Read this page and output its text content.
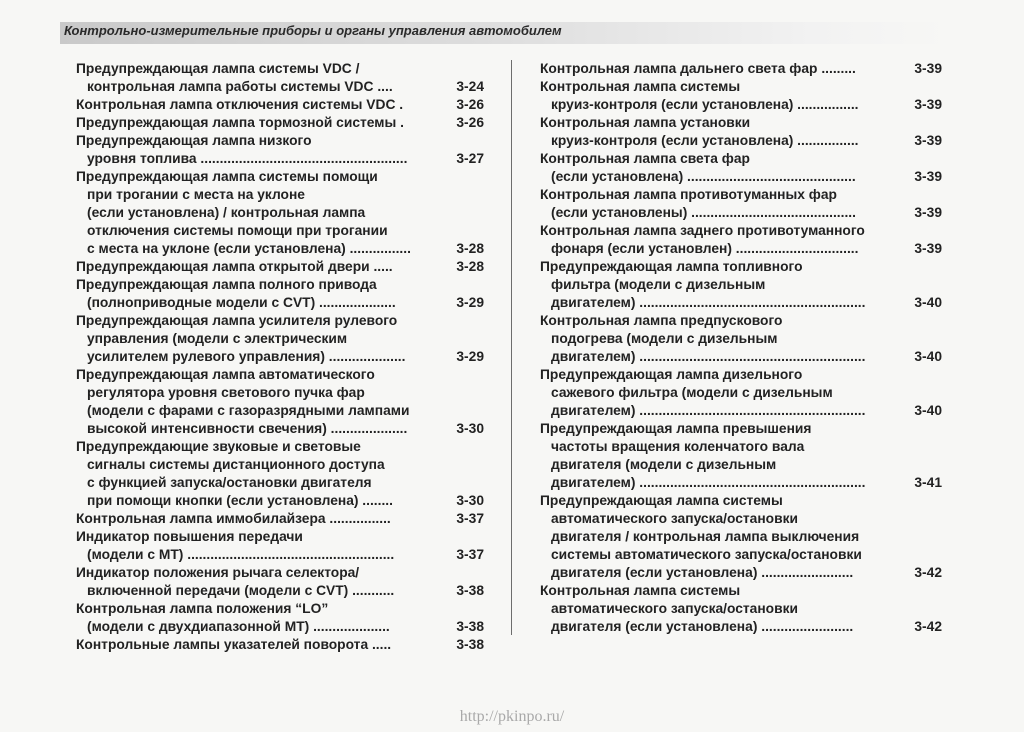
Контрольно-измерительные приборы и органы управления автомобилем
Предупреждающая лампа системы VDC /
контрольная лампа работы системы VDC ....	3-24
Контрольная лампа отключения системы VDC .	3-26
Предупреждающая лампа тормозной системы .	3-26
Предупреждающая лампа низкого
уровня топлива ......................................................	3-27
Предупреждающая лампа системы помощи
при трогании с места на уклоне
(если установлена) / контрольная лампа
отключения системы помощи при трогании
с места на уклоне (если установлена) ................	3-28
Предупреждающая лампа открытой двери .....	3-28
Предупреждающая лампа полного привода
(полноприводные модели с CVT) ....................	3-29
Предупреждающая лампа усилителя рулевого
управления (модели с электрическим
усилителем рулевого управления) ....................	3-29
Предупреждающая лампа автоматического
регулятора уровня светового пучка фар
(модели с фарами с газоразрядными лампами
высокой интенсивности свечения) ....................	3-30
Предупреждающие звуковые и световые
сигналы системы дистанционного доступа
с функцией запуска/остановки двигателя
при помощи кнопки (если установлена) ........	3-30
Контрольная лампа иммобилайзера ................	3-37
Индикатор повышения передачи
(модели с MT) ......................................................	3-37
Индикатор положения рычага селектора/
включенной передачи (модели с CVT) ...........	3-38
Контрольная лампа положения “LO”
(модели с двухдиапазонной MT) ....................	3-38
Контрольные лампы указателей поворота .....	3-38
Контрольная лампа дальнего света фар .........	3-39
Контрольная лампа системы
круиз-контроля (если установлена) ................	3-39
Контрольная лампа установки
круиз-контроля (если установлена) ................	3-39
Контрольная лампа света фар
(если установлена) ............................................	3-39
Контрольная лампа противотуманных фар
(если установлены) ...........................................	3-39
Контрольная лампа заднего противотуманного
фонаря (если установлен) ................................	3-39
Предупреждающая лампа топливного
фильтра (модели с дизельным
двигателем) ...........................................................	3-40
Контрольная лампа предпускового
подогрева (модели с дизельным
двигателем) ...........................................................	3-40
Предупреждающая лампа дизельного
сажевого фильтра (модели с дизельным
двигателем) ...........................................................	3-40
Предупреждающая лампа превышения
частоты вращения коленчатого вала
двигателя (модели с дизельным
двигателем) ...........................................................	3-41
Предупреждающая лампа системы
автоматического запуска/остановки
двигателя / контрольная лампа выключения
системы автоматического запуска/остановки
двигателя (если установлена) ........................	3-42
Контрольная лампа системы
автоматического запуска/остановки
двигателя (если установлена) ........................	3-42
http://pkinpo.ru/
